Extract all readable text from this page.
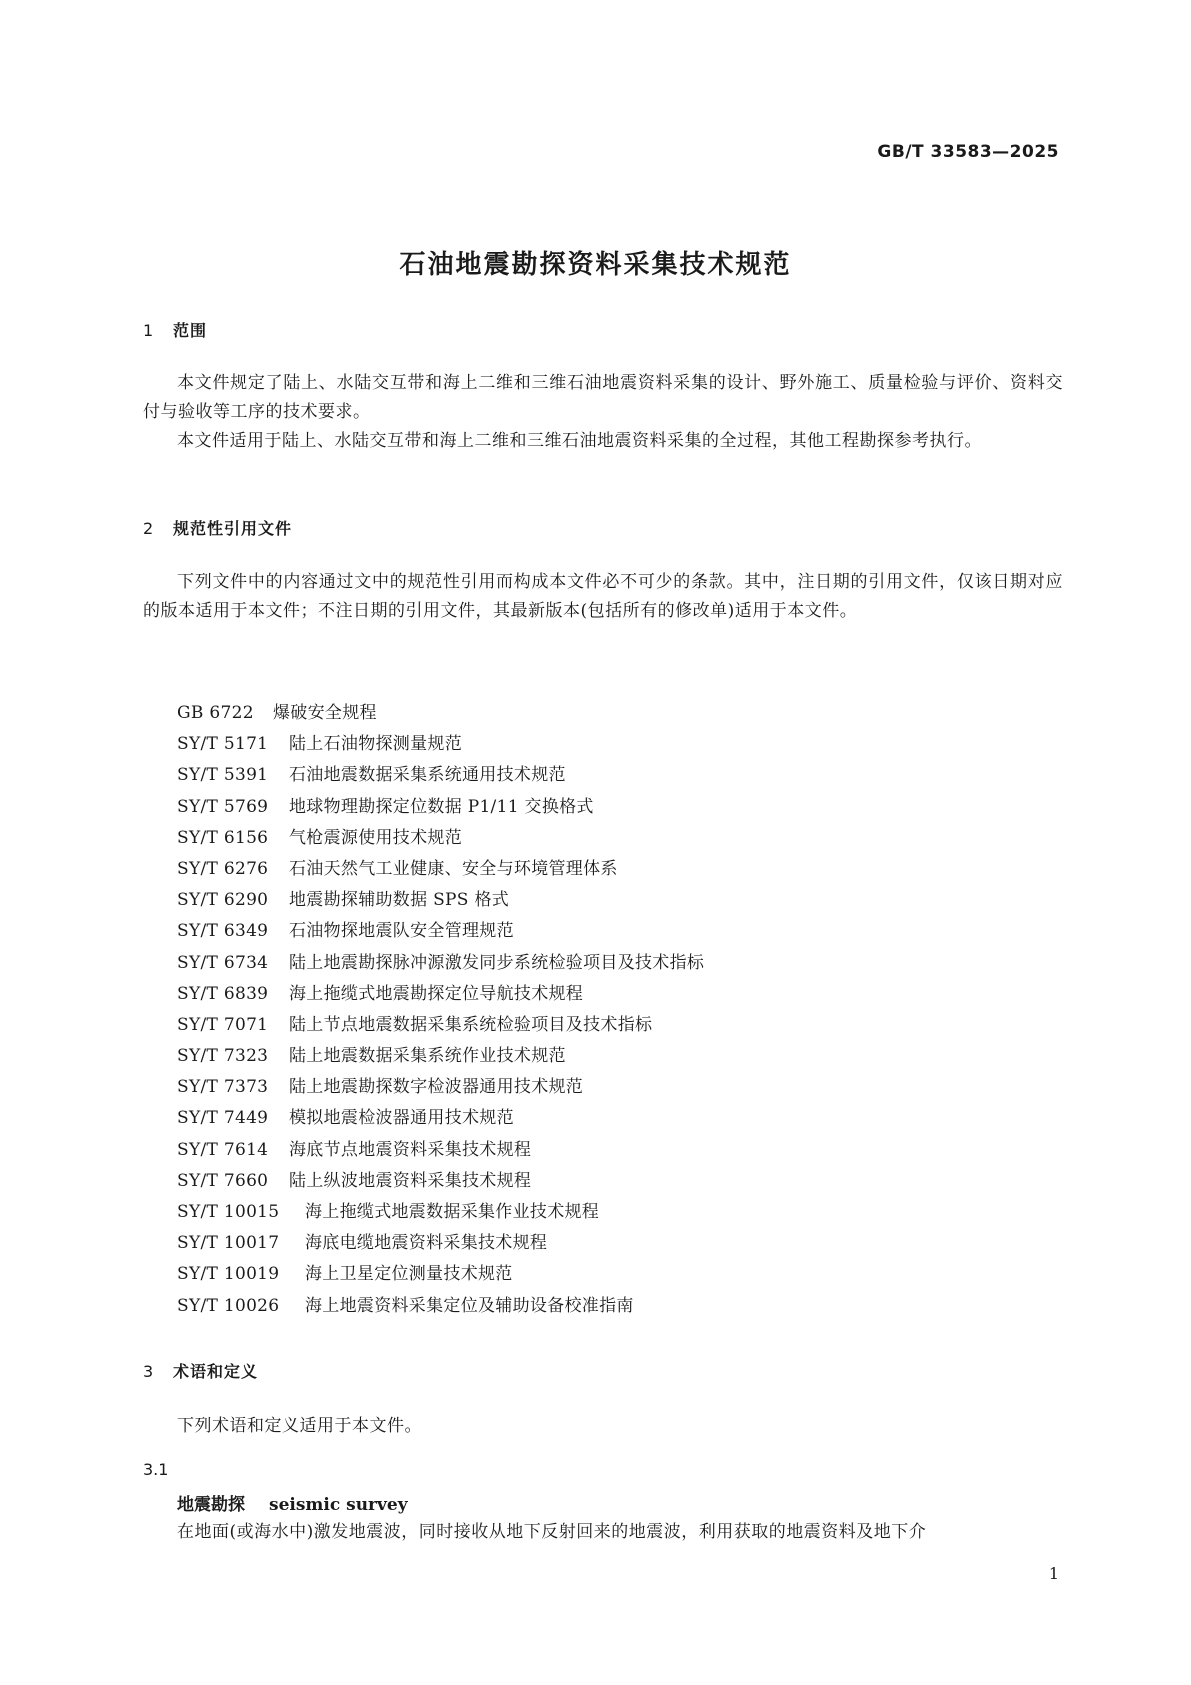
GB/T 33583—2025
石油地震勘探资料采集技术规范
1 范围

本文件规定了陆上、水陆交互带和海上二维和三维石油地震资料采集的设计、野外施工、质量检验与评价、资料交付与验收等工序的技术要求。

本文件适用于陆上、水陆交互带和海上二维和三维石油地震资料采集的全过程，其他工程勘探参考执行。

2 规范性引用文件

下列文件中的内容通过文中的规范性引用而构成本文件必不可少的条款。其中，注日期的引用文件，仅该日期对应的版本适用于本文件；不注日期的引用文件，其最新版本(包括所有的修改单)适用于本文件。

GB 6722 爆破安全规程
SY/T 5171 陆上石油物探测量规范
SY/T 5391 石油地震数据采集系统通用技术规范
SY/T 5769 地球物理勘探定位数据 P1/11 交换格式
SY/T 6156 气枪震源使用技术规范
SY/T 6276 石油天然气工业健康、安全与环境管理体系
SY/T 6290 地震勘探辅助数据 SPS 格式
SY/T 6349 石油物探地震队安全管理规范
SY/T 6734 陆上地震勘探脉冲源激发同步系统检验项目及技术指标
SY/T 6839 海上拖缆式地震勘探定位导航技术规程
SY/T 7071 陆上节点地震数据采集系统检验项目及技术指标
SY/T 7323 陆上地震数据采集系统作业技术规范
SY/T 7373 陆上地震勘探数字检波器通用技术规范
SY/T 7449 模拟地震检波器通用技术规范
SY/T 7614 海底节点地震资料采集技术规程
SY/T 7660 陆上纵波地震资料采集技术规程
SY/T 10015 海上拖缆式地震数据采集作业技术规程
SY/T 10017 海底电缆地震资料采集技术规程
SY/T 10019 海上卫星定位测量技术规范
SY/T 10026 海上地震资料采集定位及辅助设备校准指南
3 术语和定义

下列术语和定义适用于本文件。

3.1
地震勘探 seismic survey

在地面(或海水中)激发地震波，同时接收从地下反射回来的地震波，利用获取的地震资料及地下介

1
